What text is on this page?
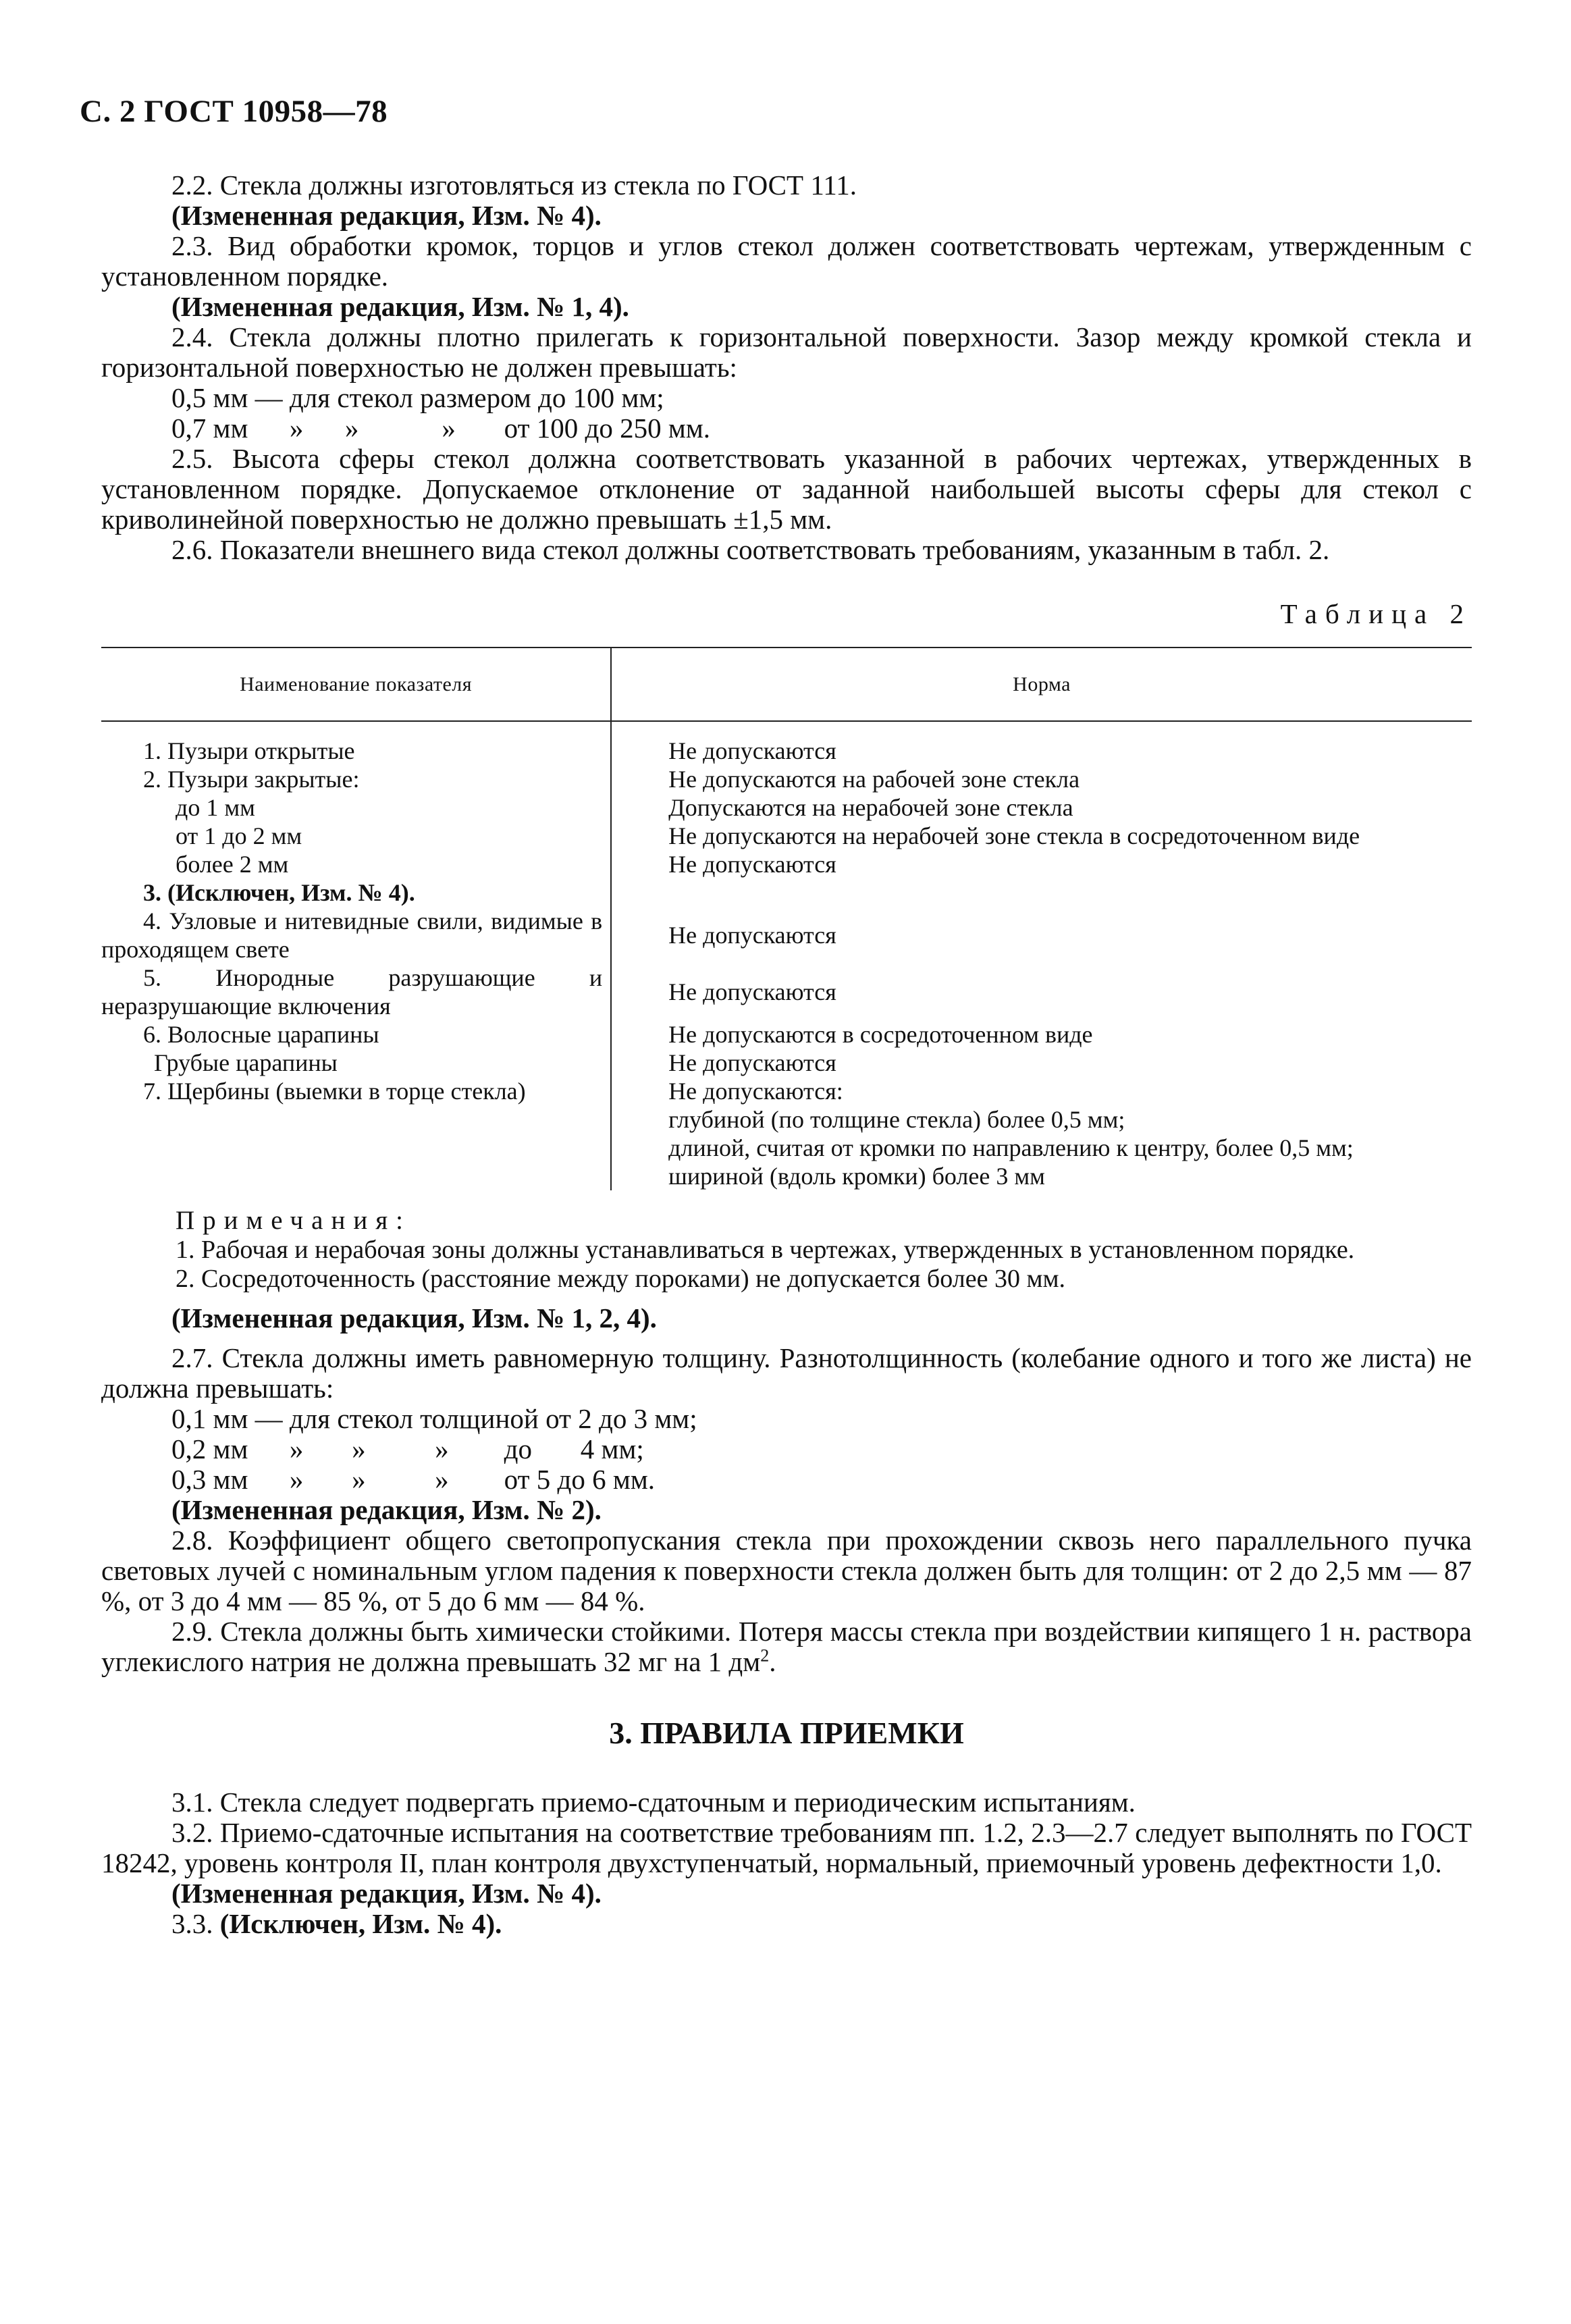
С. 2 ГОСТ 10958—78

2.2. Стекла должны изготовляться из стекла по ГОСТ 111.

(Измененная редакция, Изм. № 4).

2.3. Вид обработки кромок, торцов и углов стекол должен соответствовать чертежам, утвержденным с установленном порядке.

(Измененная редакция, Изм. № 1, 4).

2.4. Стекла должны плотно прилегать к горизонтальной поверхности. Зазор между кромкой стекла и горизонтальной поверхностью не должен превышать:

0,5 мм — для стекол размером до 100 мм;

0,7 мм      »      »            »       от 100 до 250 мм.

2.5. Высота сферы стекол должна соответствовать указанной в рабочих чертежах, утвержденных в установленном порядке. Допускаемое отклонение от заданной наибольшей высоты сферы для стекол с криволинейной поверхностью не должно превышать ±1,5 мм.

2.6. Показатели внешнего вида стекол должны соответствовать требованиям, указанным в табл. 2.

Таблица 2
Наименование показателя	Норма

1. Пузыри открытые	Не допускаются

2. Пузыри закрытые:	Не допускаются на рабочей зоне стекла

до 1 мм	Допускаются на нерабочей зоне стекла

от 1 до 2 мм	Не допускаются на нерабочей зоне стекла в сосредоточенном виде

более 2 мм	Не допускаются

3. (Исключен, Изм. № 4).	

4. Узловые и нитевидные свили, видимые в проходящем свете	Не допускаются

5. Инородные разрушающие и неразрушающие включения	Не допускаются

6. Волосные царапины	Не допускаются в сосредоточенном виде

Грубые царапины	Не допускаются

7. Щербины (выемки в торце стекла)	Не допускаются:
глубиной (по толщине стекла) более 0,5 мм;
длиной, считая от кромки по направлению к центру, более 0,5 мм;
шириной (вдоль кромки) более 3 мм
Примечания:

1. Рабочая и нерабочая зоны должны устанавливаться в чертежах, утвержденных в установленном порядке.

2. Сосредоточенность (расстояние между пороками) не допускается более 30 мм.

(Измененная редакция, Изм. № 1, 2, 4).

2.7. Стекла должны иметь равномерную толщину. Разнотолщинность (колебание одного и того же листа) не должна превышать:

0,1 мм — для стекол толщиной от 2 до 3 мм;

0,2 мм      »       »          »        до       4 мм;

0,3 мм      »       »          »        от 5 до 6 мм.

(Измененная редакция, Изм. № 2).

2.8. Коэффициент общего светопропускания стекла при прохождении сквозь него параллельного пучка световых лучей с номинальным углом падения к поверхности стекла должен быть для толщин: от 2 до 2,5 мм — 87 %, от 3 до 4 мм — 85 %, от 5 до 6 мм — 84 %.

2.9. Стекла должны быть химически стойкими. Потеря массы стекла при воздействии кипящего 1 н. раствора углекислого натрия не должна превышать 32 мг на 1 $дм^2$.

3. ПРАВИЛА ПРИЕМКИ

3.1. Стекла следует подвергать приемо-сдаточным и периодическим испытаниям.

3.2. Приемо-сдаточные испытания на соответствие требованиям пп. 1.2, 2.3—2.7 следует выполнять по ГОСТ 18242, уровень контроля II, план контроля двухступенчатый, нормальный, приемочный уровень дефектности 1,0.

(Измененная редакция, Изм. № 4).

3.3. (Исключен, Изм. № 4).
